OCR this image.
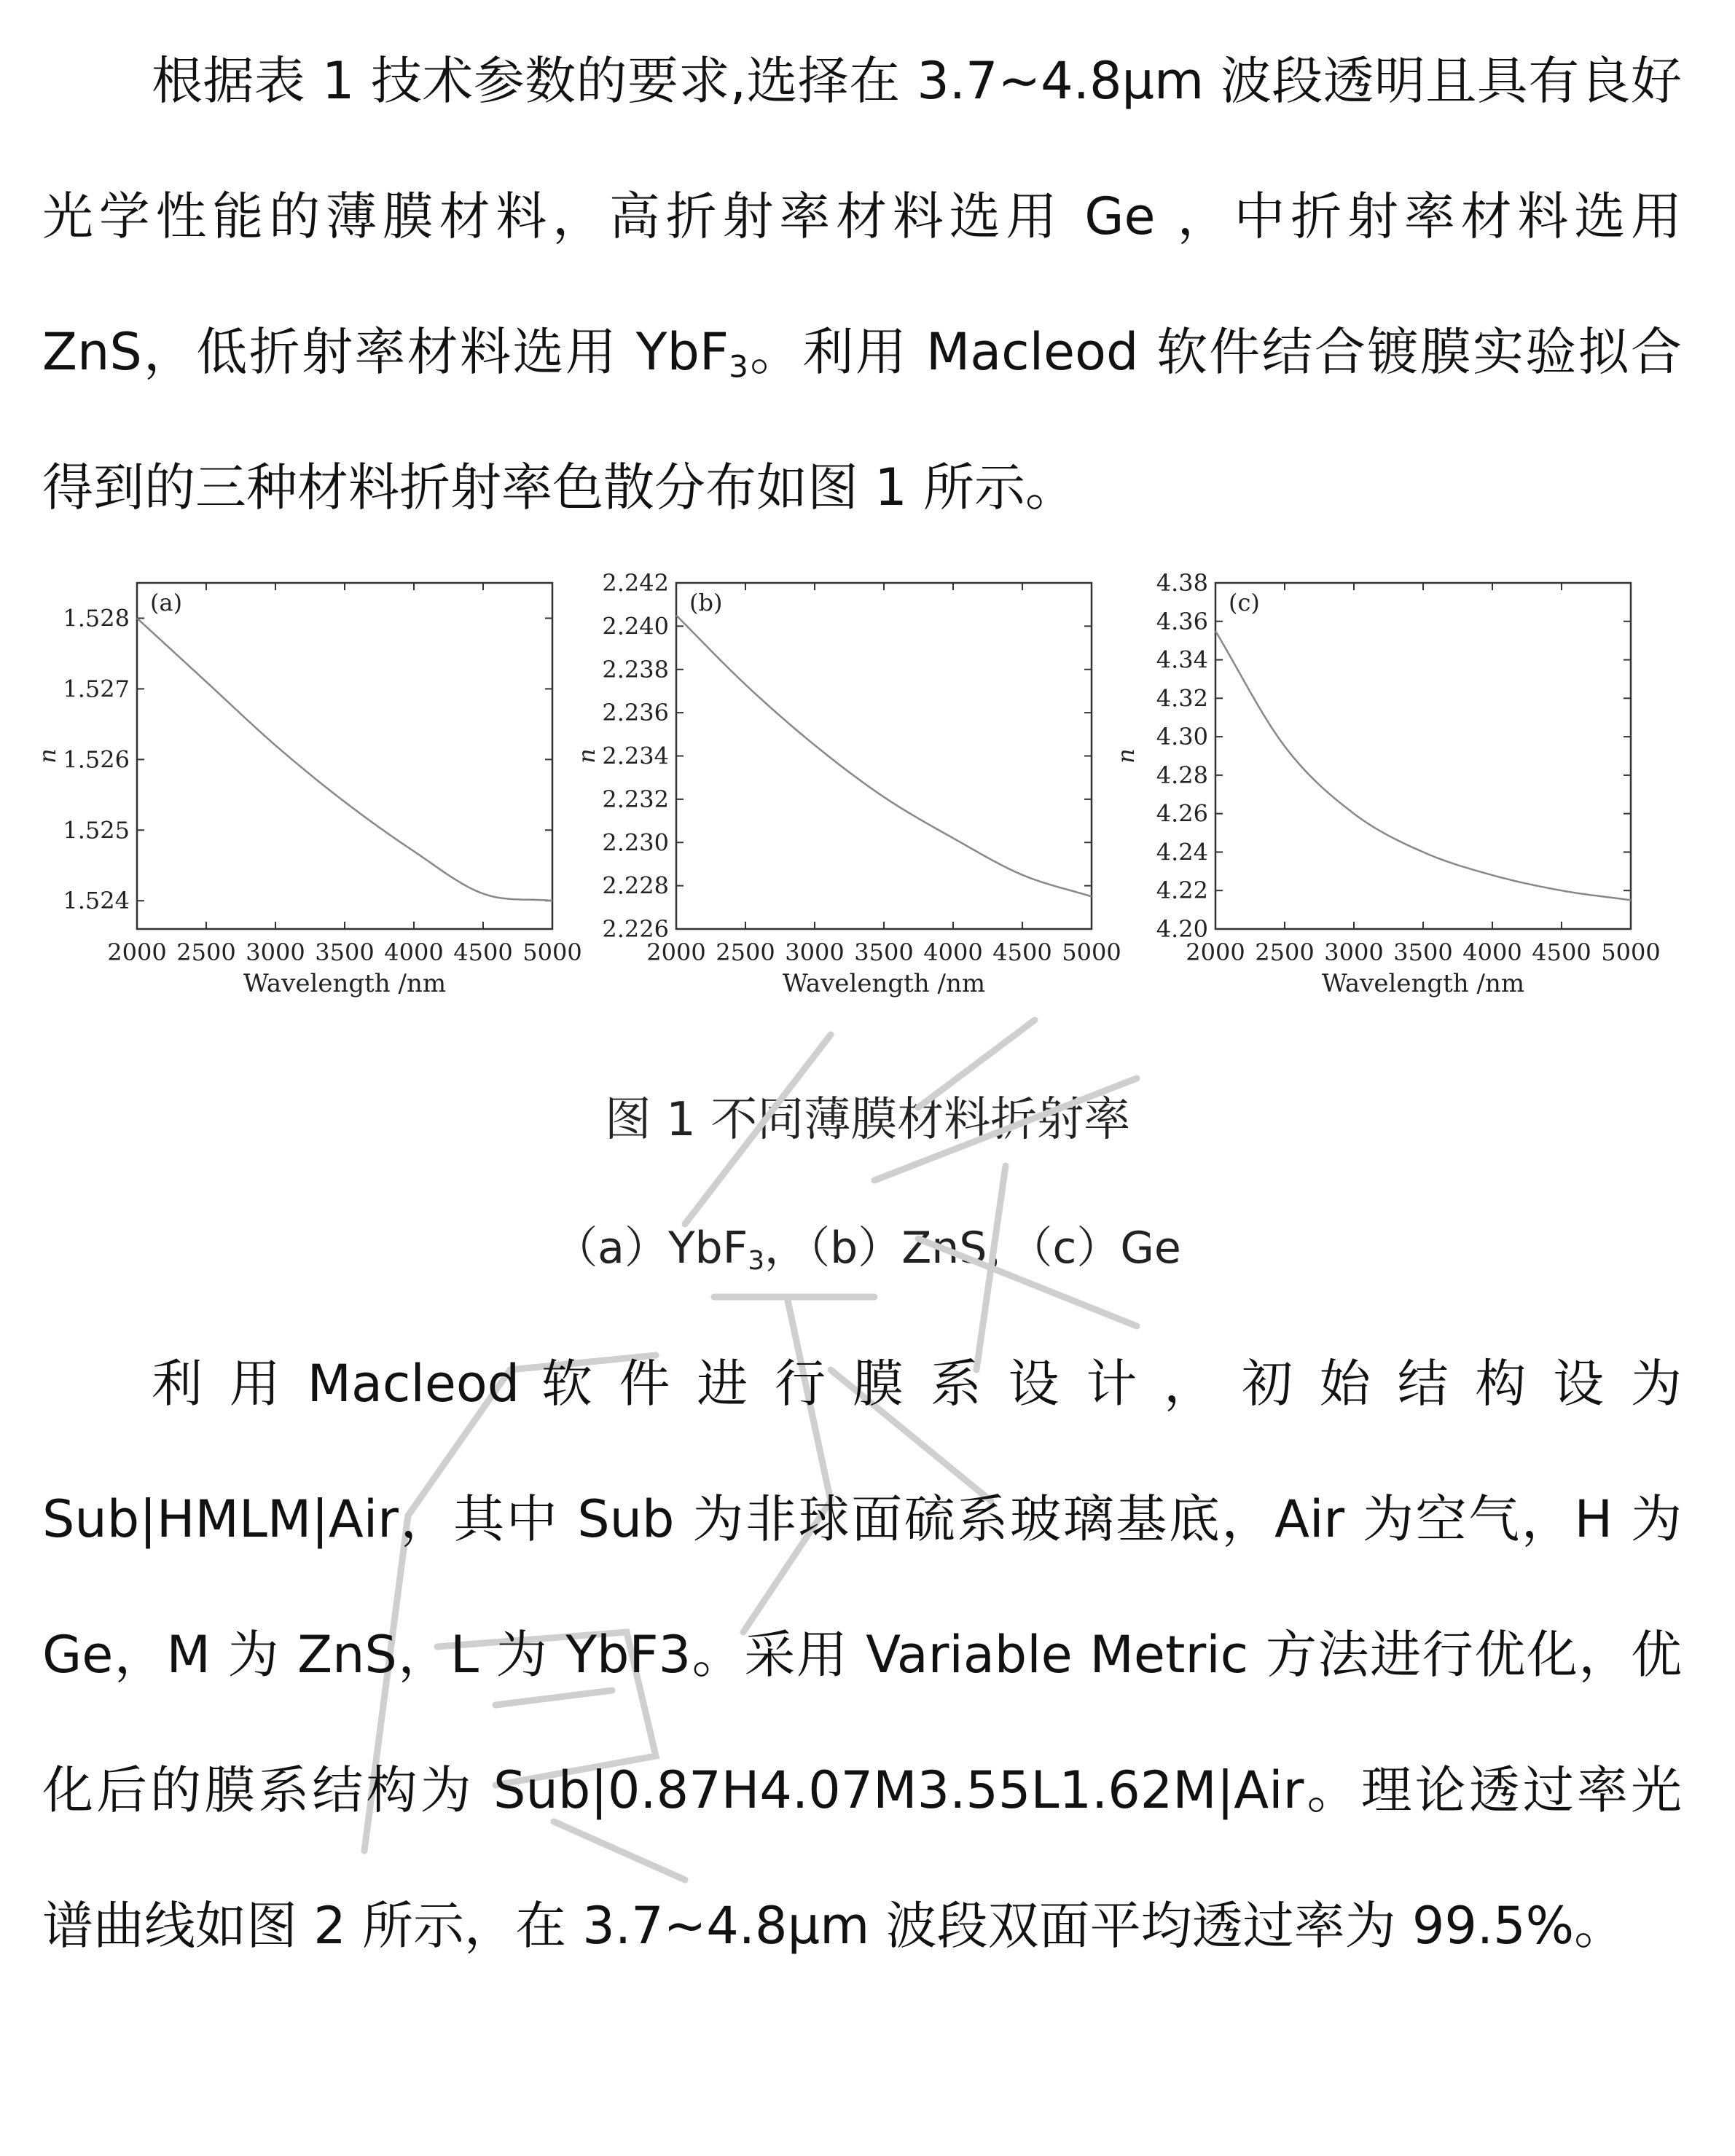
根据表 1 技术参数的要求,选择在 3.7~4.8μm 波段透明且具有良好光学性能的薄膜材料，高折射率材料选用 Ge ，中折射率材料选用 ZnS，低折射率材料选用 YbF$_3$。利用 Macleod 软件结合镀膜实验拟合得到的三种材料折射率色散分布如图 1 所示。

1.524
1.525
1.526
1.527
1.528
2000 2500 3000 3500 4000 4500 5000
(a)
Wavelength /nm
n
2.226
2.228
2.230
2.232
2.234
2.236
2.238
2.240
2.242
2000 2500 3000 3500 4000 4500 5000
(b)
Wavelength /nm
n
4.20
4.22
4.24
4.26
4.28
4.30
4.32
4.34
4.36
4.38
2000 2500 3000 3500 4000 4500 5000
(c)
Wavelength /nm
n

图 1 不同薄膜材料折射率

（a）YbF$_3$，（b）ZnS，（c）Ge

利 用 Macleod 软 件 进 行 膜 系 设 计 ， 初 始 结 构 设 为
Sub|HMLM|Air，其中 Sub 为非球面硫系玻璃基底，Air 为空气，H 为 Ge，M 为 ZnS，L 为 YbF3。采用 Variable Metric 方法进行优化，优化后的膜系结构为 Sub|0.87H4.07M3.55L1.62M|Air。理论透过率光谱曲线如图 2 所示，在 3.7~4.8μm 波段双面平均透过率为 99.5%。
